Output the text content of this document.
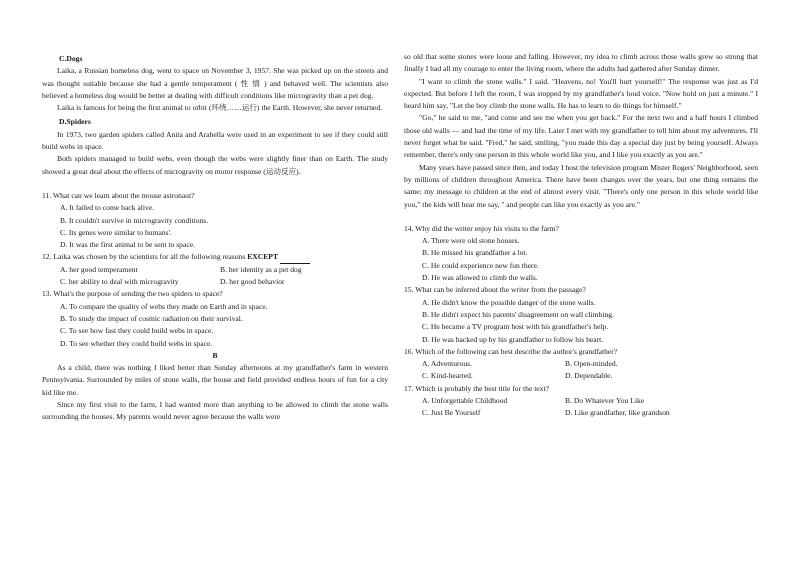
C.Dogs

Laika, a Russian homeless dog, went to space on November 3, 1957. She was picked up on the streets and was thought suitable because she had a gentle temperament ( 性 情 ) and behaved well. The scientists also believed a homeless dog would be better at dealing with difficult conditions like microgravity than a pet dog.

Laika is famous for being the first animal to orbit (环绕……运行) the Earth. However, she never returned.

D.Spiders

In 1973, two garden spiders called Anita and Arabella were used in an experiment to see if they could still build webs in space.

Both spiders managed to build webs, even though the webs were slightly finer than on Earth. The study showed a great deal about the effects of microgravity on motor response (运动反应).

11. What can we learn about the mouse astronaut?

A. It failed to come back alive.

B. It couldn't survive in microgravity conditions.

C. Its genes were similar to humans'.

D. It was the first animal to be sent to space.

12. Laika was chosen by the scientists for all the following reasons EXCEPT

A. her good temperament	B. her identity as a pet dog
C. her ability to deal with microgravity	D. her good behavior

13. What's the purpose of sending the two spiders to space?

A. To compare the quality of webs they made on Earth and in space.

B. To study the impact of cosmic radiation on their survival.

C. To see how fast they could build webs in space.

D. To see whether they could build webs in space.

B

As a child, there was nothing I liked better than Sunday afternoons at my grandfather's farm in western Pennsylvania. Surrounded by miles of stone walls, the house and field provided endless hours of fun for a city kid like me.

Since my first visit to the farm, I had wanted more than anything to be allowed to climb the stone walls surrounding the houses. My parents would never agree because the walls were

so old that some stones were loose and falling. However, my idea to climb across those walls grew so strong that finally I had all my courage to enter the living room, where the adults had gathered after Sunday dinner.

"I want to climb the stone walls." I said. "Heavens, no! You'll hurt yourself!" The response was just as I'd expected. But before I left the room, I was stopped by my grandfather's loud voice. "Now hold on just a minute." I heard him say, "Let the boy climb the stone walls. He has to learn to do things for himself."

"Go," he said to me, "and come and see me when you get back." For the next two and a half hours I climbed those old walls — and had the time of my life. Later I met with my grandfather to tell him about my adventures. I'll never forget what he said. "Fred," he said, smiling, "you made this day a special day just by being yourself. Always remember, there's only one person in this whole world like you, and I like you exactly as you are."

Many years have passed since then, and today I host the television program Mister Rogers' Neighborhood, seen by millions of children throughout America. There have been changes over the years, but one thing remains the same: my message to children at the end of almost every visit. "There's only one person in this whole world like you," the kids will hear me say, " and people can like you exactly as you are."

14. Why did the writer enjoy his visits to the farm?

A. There were old stone houses.

B. He missed his grandfather a lot.

C. He could experience new fun there.

D. He was allowed to climb the walls.

15. What can be inferred about the writer from the passage?

A. He didn't know the possible danger of the stone walls.

B. He didn't expect his parents' disagreement on wall climbing.

C. He became a TV program host with his grandfather's help.

D. He was backed up by his grandfather to follow his heart.

16. Which of the following can best describe the author's grandfather?

A. Adventurous.	B. Open-minded.
C. Kind-hearted.	D. Dependable.

17. Which is probably the best title for the text?

A. Unforgettable Childhood	B. Do Whatever You Like
C. Just Be Yourself	D. Like grandfather, like grandson
